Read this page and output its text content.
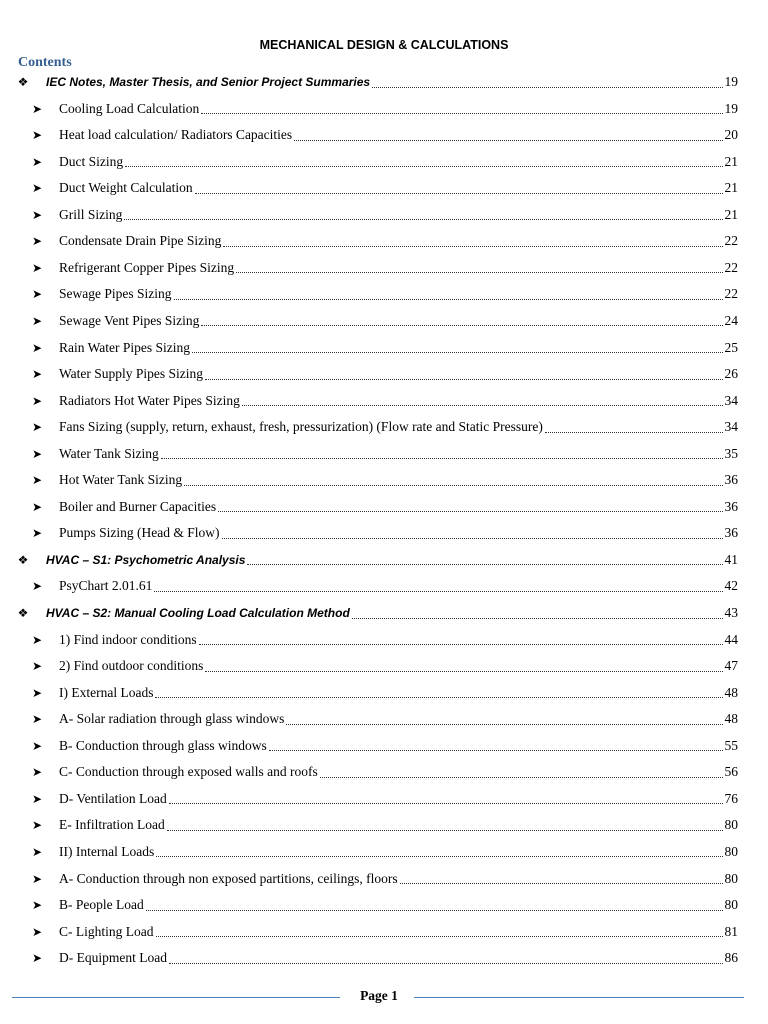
MECHANICAL DESIGN & CALCULATIONS
Contents
❖ IEC Notes, Master Thesis, and Senior Project Summaries	19
➤ Cooling Load Calculation	19
➤ Heat load calculation/ Radiators Capacities	20
➤ Duct Sizing	21
➤ Duct Weight Calculation	21
➤ Grill Sizing	21
➤ Condensate Drain Pipe Sizing	22
➤ Refrigerant Copper Pipes Sizing	22
➤ Sewage Pipes Sizing	22
➤ Sewage Vent Pipes Sizing	24
➤ Rain Water Pipes Sizing	25
➤ Water Supply Pipes Sizing	26
➤ Radiators Hot Water Pipes Sizing	34
➤ Fans Sizing (supply, return, exhaust, fresh, pressurization) (Flow rate and Static Pressure)	34
➤ Water Tank Sizing	35
➤ Hot Water Tank Sizing	36
➤ Boiler and Burner Capacities	36
➤ Pumps Sizing (Head & Flow)	36
❖ HVAC – S1: Psychometric Analysis	41
➤ PsyChart 2.01.61	42
❖ HVAC – S2: Manual Cooling Load Calculation Method	43
➤ 1) Find indoor conditions	44
➤ 2) Find outdoor conditions	47
➤ I) External Loads	48
➤ A- Solar radiation through glass windows	48
➤ B- Conduction through glass windows	55
➤ C- Conduction through exposed walls and roofs	56
➤ D- Ventilation Load	76
➤ E- Infiltration Load	80
➤ II) Internal Loads	80
➤ A- Conduction through non exposed partitions, ceilings, floors	80
➤ B- People Load	80
➤ C- Lighting Load	81
➤ D- Equipment Load	86
Page 1
